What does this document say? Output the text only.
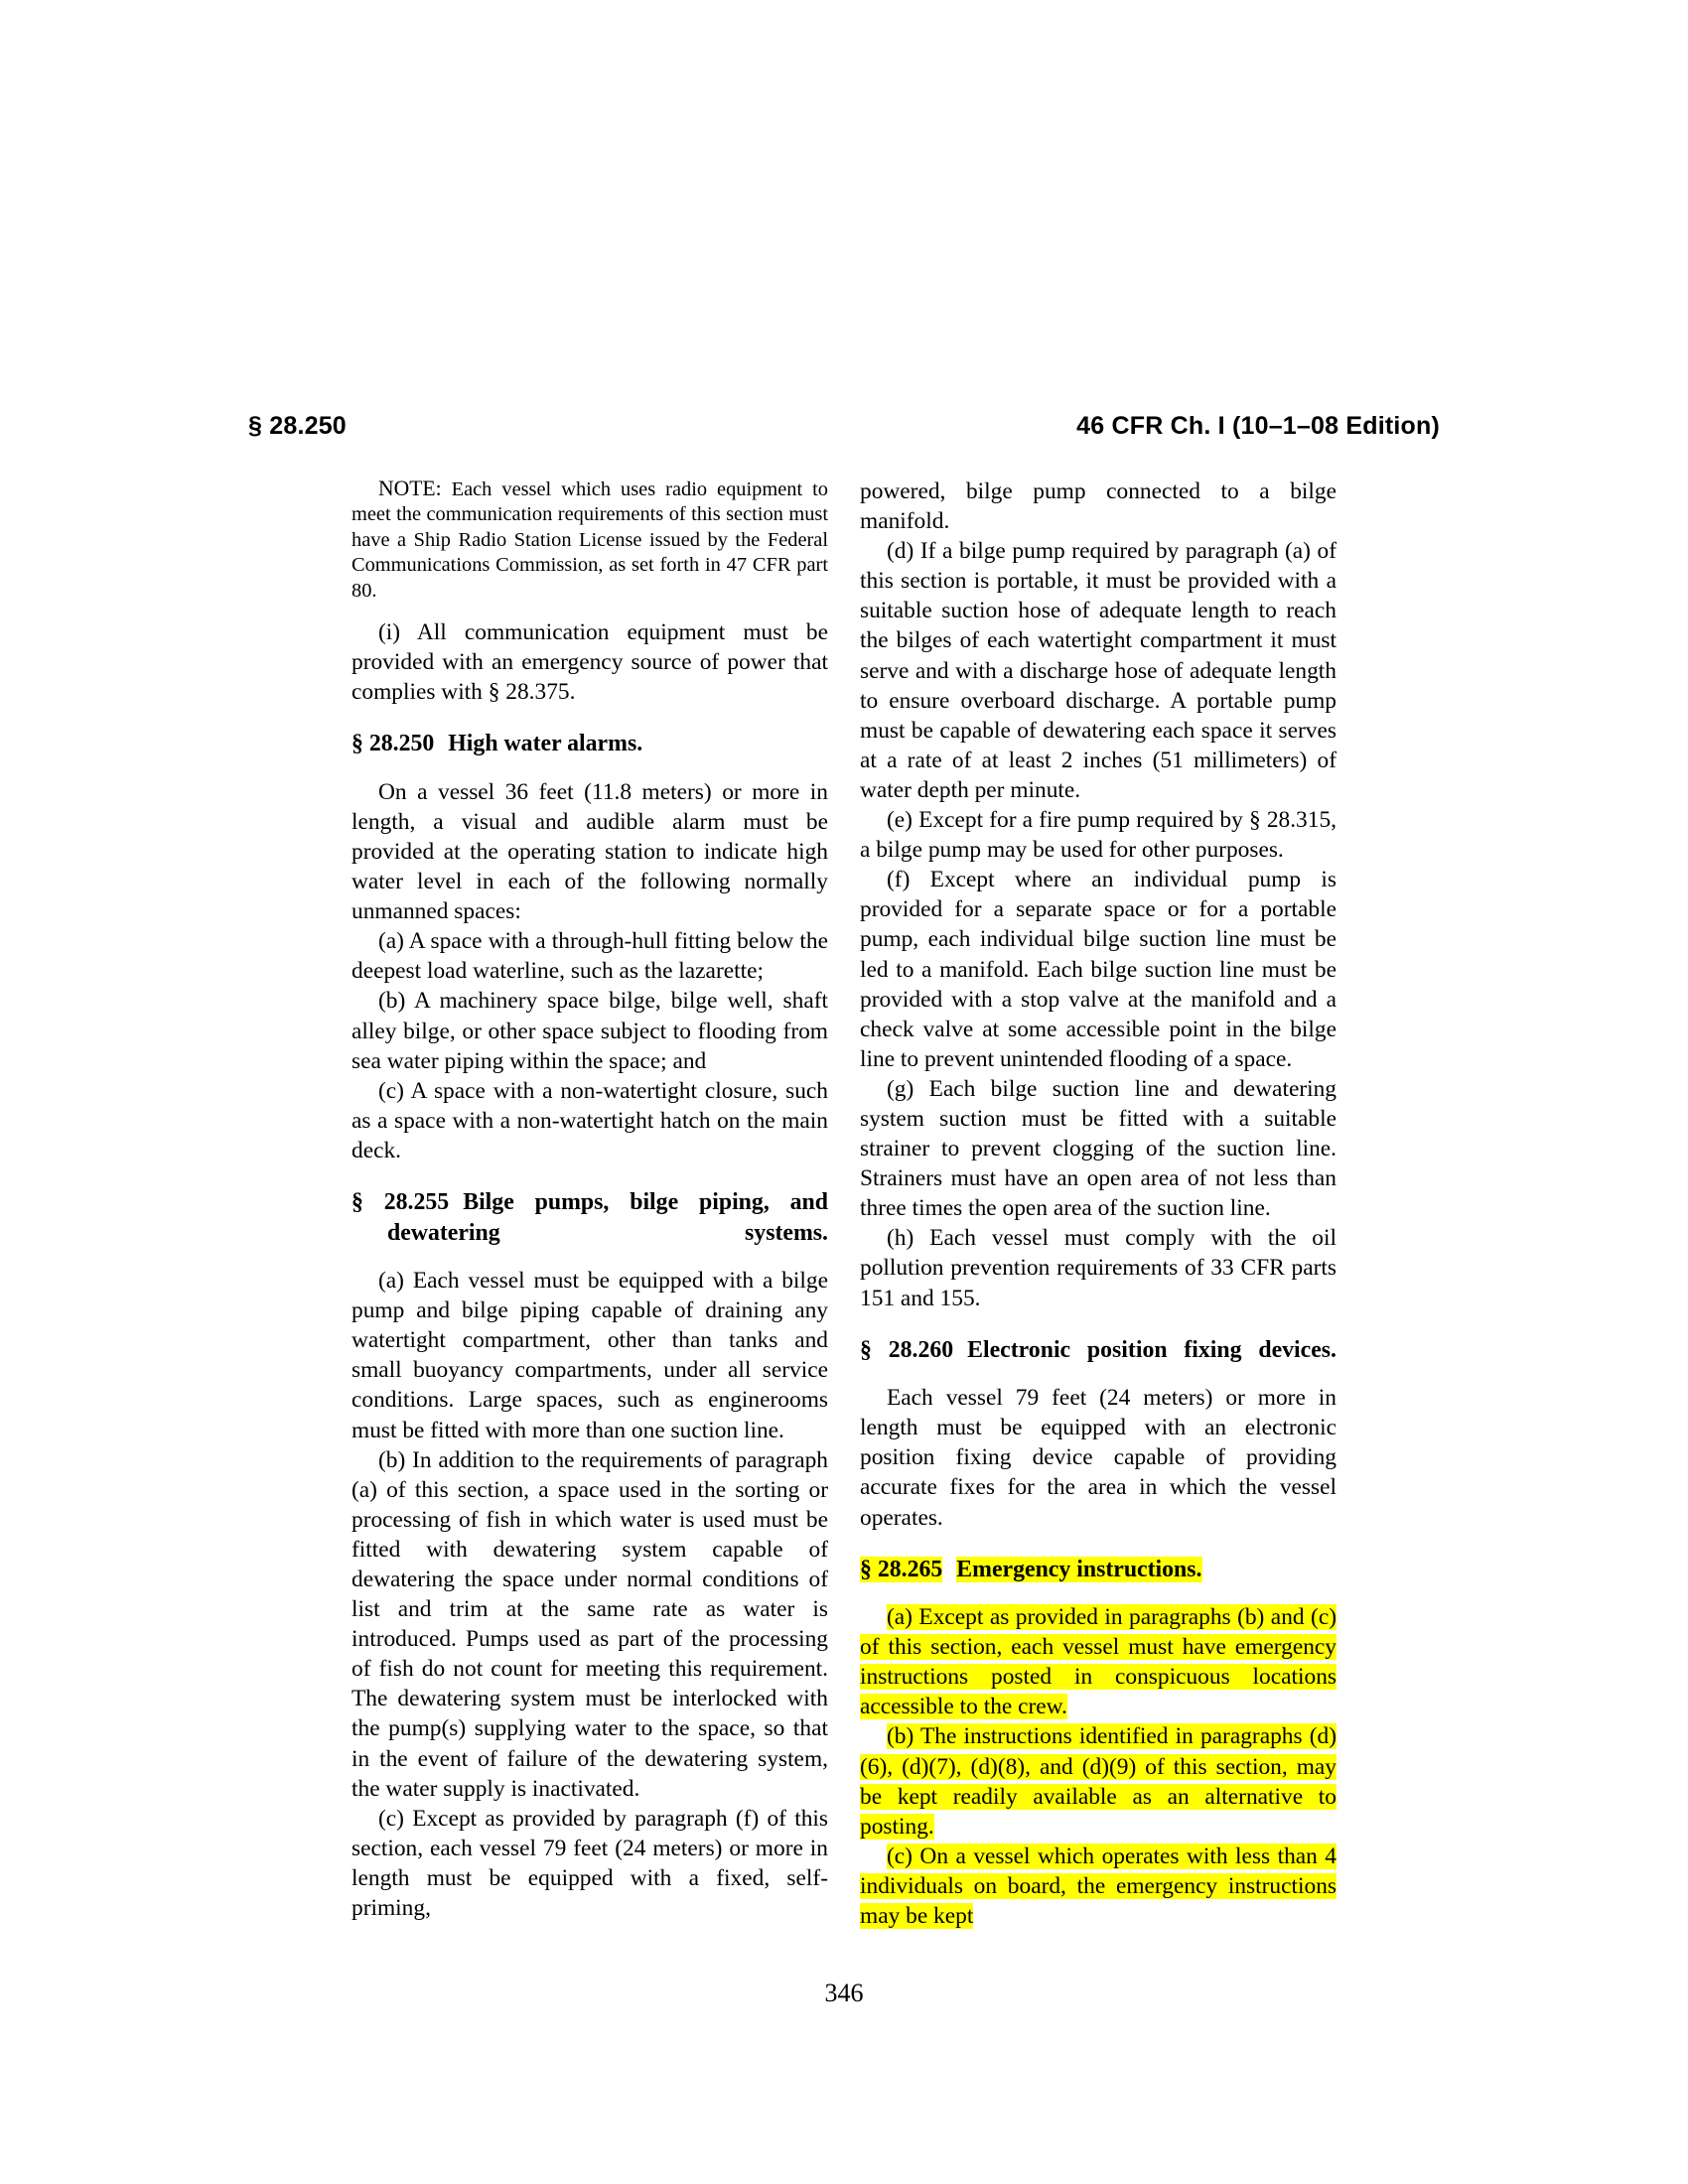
§ 28.250	46 CFR Ch. I (10–1–08 Edition)

NOTE: Each vessel which uses radio equipment to meet the communication requirements of this section must have a Ship Radio Station License issued by the Federal Communications Commission, as set forth in 47 CFR part 80.

(i) All communication equipment must be provided with an emergency source of power that complies with § 28.375.

§ 28.250 High water alarms.

On a vessel 36 feet (11.8 meters) or more in length, a visual and audible alarm must be provided at the operating station to indicate high water level in each of the following normally unmanned spaces:

(a) A space with a through-hull fitting below the deepest load waterline, such as the lazarette;

(b) A machinery space bilge, bilge well, shaft alley bilge, or other space subject to flooding from sea water piping within the space; and

(c) A space with a non-watertight closure, such as a space with a non-watertight hatch on the main deck.

§ 28.255 Bilge pumps, bilge piping, and dewatering systems.

(a) Each vessel must be equipped with a bilge pump and bilge piping capable of draining any watertight compartment, other than tanks and small buoyancy compartments, under all service conditions. Large spaces, such as enginerooms must be fitted with more than one suction line.

(b) In addition to the requirements of paragraph (a) of this section, a space used in the sorting or processing of fish in which water is used must be fitted with dewatering system capable of dewatering the space under normal conditions of list and trim at the same rate as water is introduced. Pumps used as part of the processing of fish do not count for meeting this requirement. The dewatering system must be interlocked with the pump(s) supplying water to the space, so that in the event of failure of the dewatering system, the water supply is inactivated.

(c) Except as provided by paragraph (f) of this section, each vessel 79 feet (24 meters) or more in length must be equipped with a fixed, self-priming,

powered, bilge pump connected to a bilge manifold.

(d) If a bilge pump required by paragraph (a) of this section is portable, it must be provided with a suitable suction hose of adequate length to reach the bilges of each watertight compartment it must serve and with a discharge hose of adequate length to ensure overboard discharge. A portable pump must be capable of dewatering each space it serves at a rate of at least 2 inches (51 millimeters) of water depth per minute.

(e) Except for a fire pump required by § 28.315, a bilge pump may be used for other purposes.

(f) Except where an individual pump is provided for a separate space or for a portable pump, each individual bilge suction line must be led to a manifold. Each bilge suction line must be provided with a stop valve at the manifold and a check valve at some accessible point in the bilge line to prevent unintended flooding of a space.

(g) Each bilge suction line and dewatering system suction must be fitted with a suitable strainer to prevent clogging of the suction line. Strainers must have an open area of not less than three times the open area of the suction line.

(h) Each vessel must comply with the oil pollution prevention requirements of 33 CFR parts 151 and 155.

§ 28.260 Electronic position fixing devices.

Each vessel 79 feet (24 meters) or more in length must be equipped with an electronic position fixing device capable of providing accurate fixes for the area in which the vessel operates.

§ 28.265 Emergency instructions.

(a) Except as provided in paragraphs (b) and (c) of this section, each vessel must have emergency instructions posted in conspicuous locations accessible to the crew.

(b) The instructions identified in paragraphs (d)(6), (d)(7), (d)(8), and (d)(9) of this section, may be kept readily available as an alternative to posting.

(c) On a vessel which operates with less than 4 individuals on board, the emergency instructions may be kept

346
